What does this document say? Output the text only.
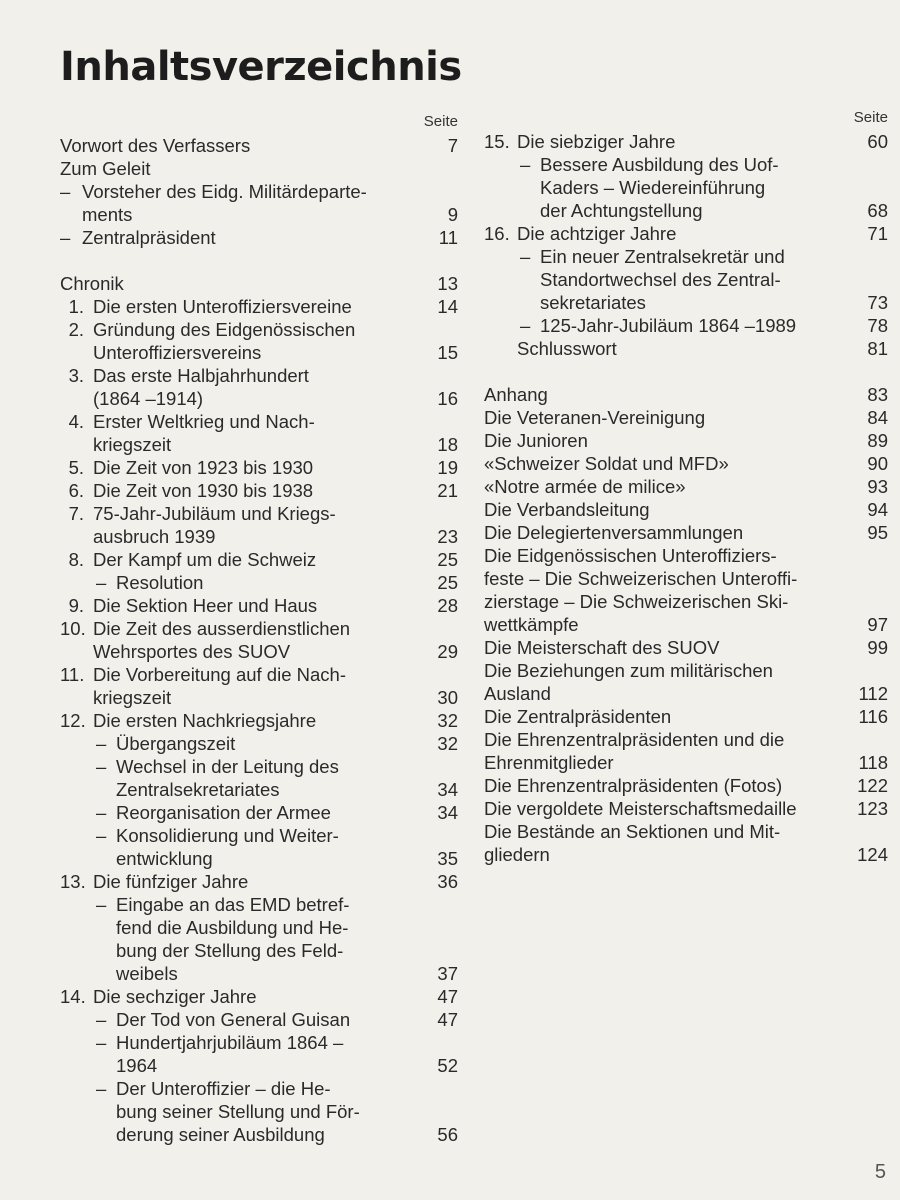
Inhaltsverzeichnis
Seite
Vorwort des Verfassers	7
Zum Geleit
– Vorsteher des Eidg. Militärdeparte-
ments	9
– Zentralpräsident	11
Chronik	13
1. Die ersten Unteroffiziersvereine	14
2. Gründung des Eidgenössischen
Unteroffiziersvereins	15
3. Das erste Halbjahrhundert
(1864 –1914)	16
4. Erster Weltkrieg und Nach-
kriegszeit	18
5. Die Zeit von 1923 bis 1930	19
6. Die Zeit von 1930 bis 1938	21
7. 75-Jahr-Jubiläum und Kriegs-
ausbruch 1939	23
8. Der Kampf um die Schweiz	25
– Resolution	25
9. Die Sektion Heer und Haus	28
10. Die Zeit des ausserdienstlichen
Wehrsportes des SUOV	29
11. Die Vorbereitung auf die Nach-
kriegszeit	30
12. Die ersten Nachkriegsjahre	32
– Übergangszeit	32
– Wechsel in der Leitung des
Zentralsekretariates	34
– Reorganisation der Armee	34
– Konsolidierung und Weiter-
entwicklung	35
13. Die fünfziger Jahre	36
– Eingabe an das EMD betref-
fend die Ausbildung und He-
bung der Stellung des Feld-
weibels	37
14. Die sechziger Jahre	47
– Der Tod von General Guisan	47
– Hundertjahrjubiläum 1864 –
1964	52
– Der Unteroffizier – die He-
bung seiner Stellung und För-
derung seiner Ausbildung	56
Seite
15. Die siebziger Jahre	60
– Bessere Ausbildung des Uof-
Kaders – Wiedereinführung
der Achtungstellung	68
16. Die achtziger Jahre	71
– Ein neuer Zentralsekretär und
Standortwechsel des Zentral-
sekretariates	73
– 125-Jahr-Jubiläum 1864 –1989	78
Schlusswort	81
Anhang	83
Die Veteranen-Vereinigung	84
Die Junioren	89
«Schweizer Soldat und MFD»	90
«Notre armée de milice»	93
Die Verbandsleitung	94
Die Delegiertenversammlungen	95
Die Eidgenössischen Unteroffiziers-
feste – Die Schweizerischen Unteroffi-
zierstage – Die Schweizerischen Ski-
wettkämpfe	97
Die Meisterschaft des SUOV	99
Die Beziehungen zum militärischen
Ausland	112
Die Zentralpräsidenten	116
Die Ehrenzentralpräsidenten und die
Ehrenmitglieder	118
Die Ehrenzentralpräsidenten (Fotos)	122
Die vergoldete Meisterschaftsmedaille	123
Die Bestände an Sektionen und Mit-
gliedern	124
5
